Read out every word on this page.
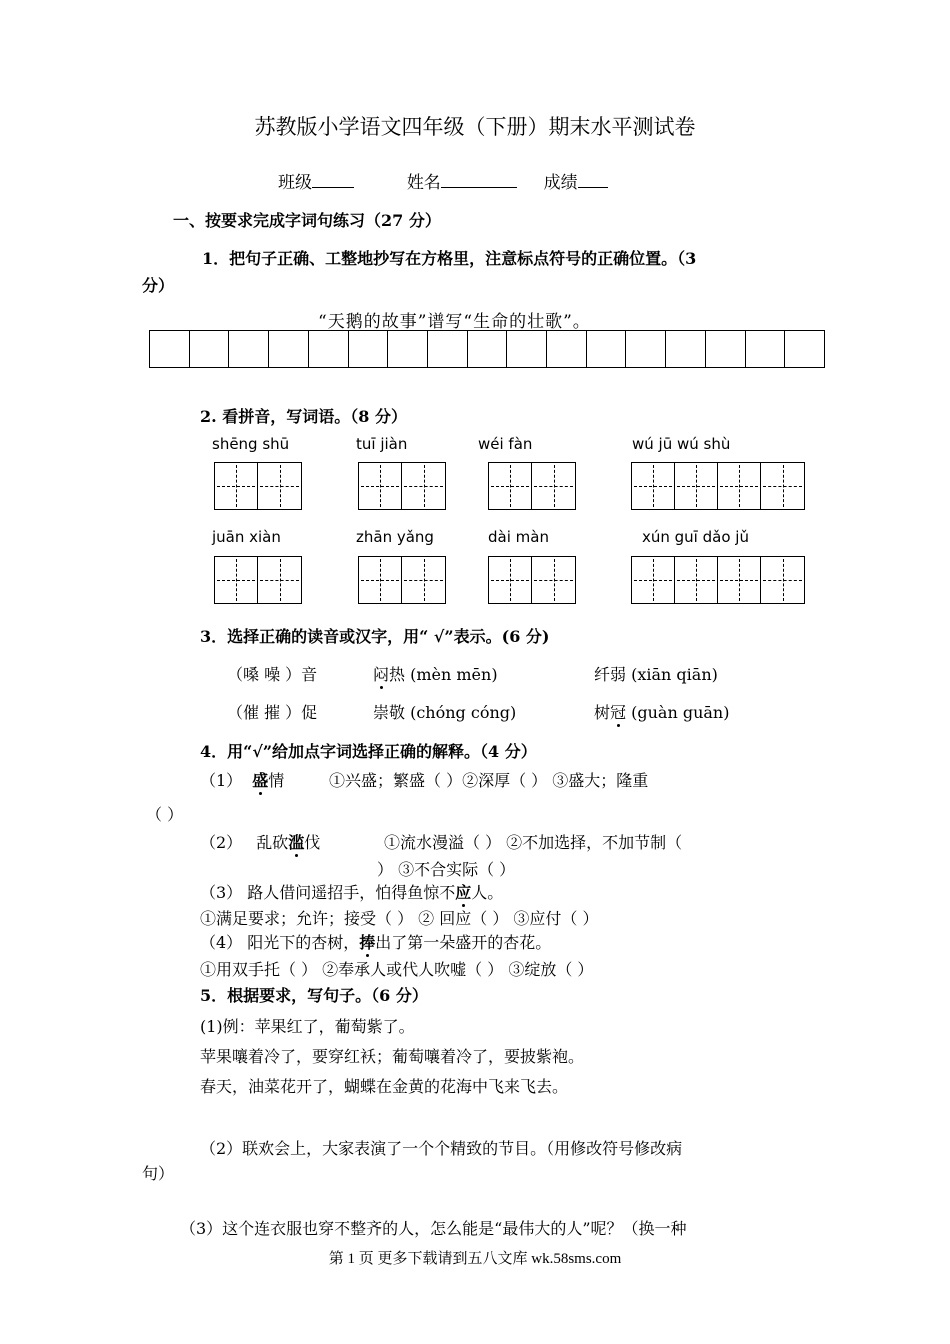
苏教版小学语文四年级（下册）期末水平测试卷
班级	姓名	成绩
一、按要求完成字词句练习（27 分）
1．把句子正确、工整地抄写在方格里，注意标点符号的正确位置。（3
分）
“天鹅的故事”谱写“生命的壮歌”。
2. 看拼音，写词语。（8 分）
shēng shū	tuī jiàn	wéi fàn	wú jū wú shù
juān xiàn	zhān yǎng	dài màn	xún guī dǎo jǔ
3．选择正确的读音或汉字，用“ √”表示。(6 分)
（嗓 噪 ）音	闷热 (mèn mēn)	纤弱 (xiān qiān)
（催 摧 ）促	崇敬 (chóng cóng)	树冠 (guàn guān)
4．用“√”给加点字词选择正确的解释。（4 分）
（1） 盛情	①兴盛；繁盛（ ）②深厚（ ） ③盛大；隆重
（ ）
（2） 乱砍滥伐	①流水漫溢（ ） ②不加选择，不加节制（
） ③不合实际（ ）
（3） 路人借问遥招手，怕得鱼惊不应人。
①满足要求；允许；接受（ ） ② 回应（ ） ③应付（ ）
（4） 阳光下的杏树，捧出了第一朵盛开的杏花。
①用双手托（ ） ②奉承人或代人吹嘘（ ） ③绽放（ ）
5．根据要求，写句子。（6 分）
(1)例：苹果红了，葡萄紫了。
苹果嚷着冷了，要穿红袄；葡萄嚷着冷了，要披紫袍。
春天，油菜花开了，蝴蝶在金黄的花海中飞来飞去。
（2）联欢会上，大家表演了一个个精致的节目。（用修改符号修改病
句）
（3）这个连衣服也穿不整齐的人，怎么能是“最伟大的人”呢？（换一种
第 1 页 更多下载请到五八文库 wk.58sms.com
